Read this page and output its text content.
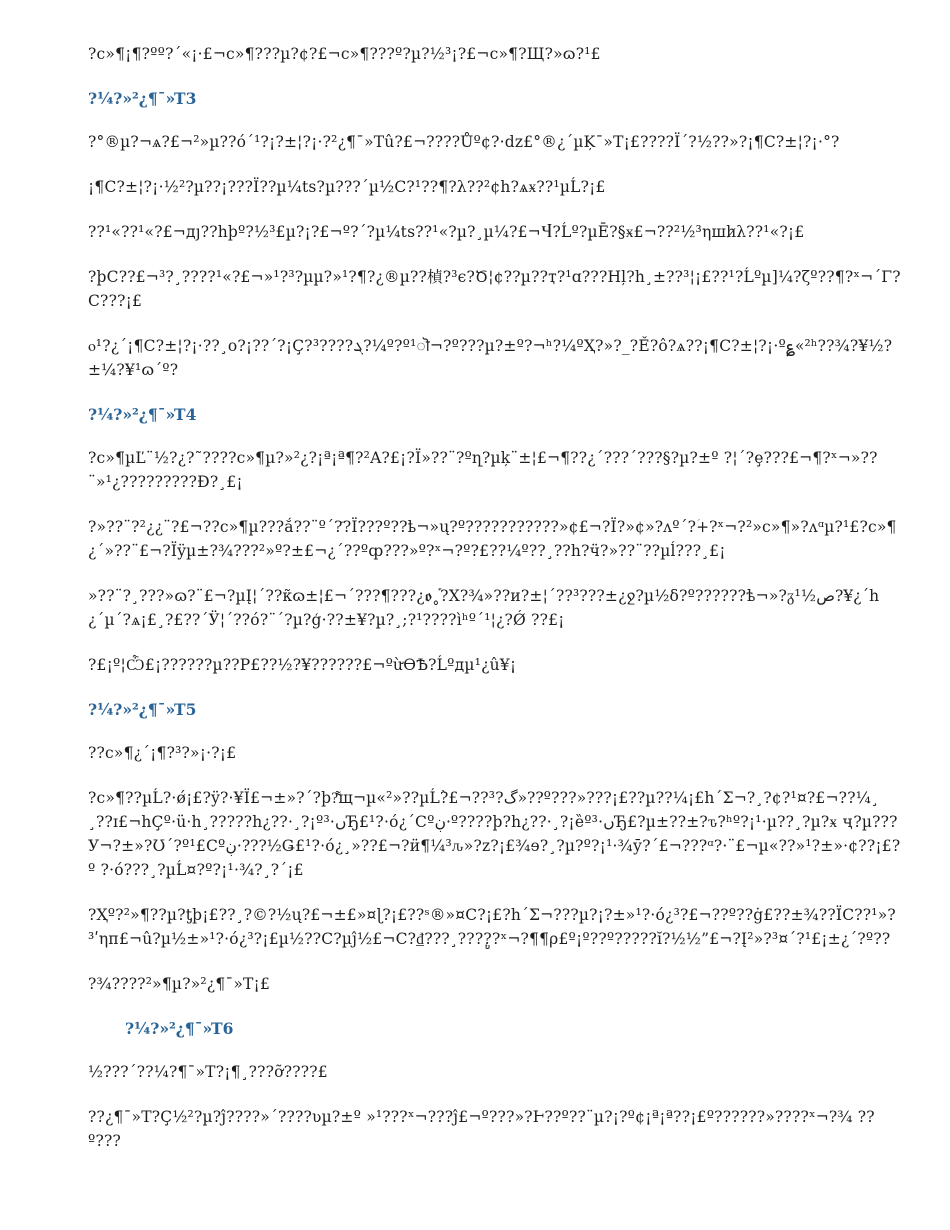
?с»¶¡¶?ºº?´«¡·£¬с»¶???µ?¢?£¬с»¶???º?µ?½³¡?£¬с»¶?Щ?»ɷ?¹£

?¼?»²¿¶¯»T3

?°®µ?¬ѧ?£¬²»µ??ό´¹?¡?±¦?¡·?²¿¶¯»Tû?£¬????Ůº¢?·dz£°®¿´µĶ¯»T¡£????Ï´?½??»?¡¶С?±¦?¡·°?

¡¶С?±¦?¡·½²?µ??¡???Ï??µ¼ts?µ???´µ½С?¹??¶?λ??²¢h?ѧӿ??¹µĹ?¡£

??¹«??¹«?£¬дյ??hþº?½³£µ?¡?£¬º?´?µ¼ts??¹«?µ?¸µ¼?£¬Ⴣ?Ĺº?µĒ?§ӿ£¬??²½³ηшh̷λ??¹«?¡£

?þС??£¬³?¸????¹«?£¬»¹?³?µµ?»¹?¶?¿®µ??楨?³є?Ծ¦¢??µ??ҭ?¹ɑ???Нļ?h¸±??³¦¡£??¹?Ĺºµ]¼?ζº??¶?ˣ¬´Γ?С???¡£

ⲟ¹?¿´¡¶С?±¦?¡·??¸o?¡??´?¡Ç?³????ܓ?¼º?º¹ॊ¬?º???µ?±º?¬ʰ?¼ºҲ?»?_?Ě?ô?ѧ??¡¶С?±¦?¡·º؏«²ʰ??¾?¥½?±¼?¥¹ɷ´º?

?¼?»²¿¶¯»T4

?с»¶µĽ¨½?¿?˜????с»¶µ?»²¿?¡ª¡ª¶?²A?£¡?Ï»??¨?ºղ?µķ¨±¦£¬¶??¿´???´???§?µ?±º ?¦´?ȩ???£¬¶?ˣ¬»?? ¨»¹¿?????????Ð?¸£¡

?»??¨?²¿¿¨?£¬??с»¶µ???ắ??¨º´?ֿ?Ï???º??ҍ¬»ų?º???????????»¢£¬?Ï?»¢»?ʌº´?ؘ+?ˣ¬?²»с»¶»?ʌᵅµ?¹£?с»¶¿´»??¨£¬?Ïÿµ±?¾???²»º?±£¬¿´??ºȹ???»º?ˣ¬?º?£??¼º??¸??h?ӵ?»??¨??µĺ???¸£¡

»??¨?¸???»ɷ?¨£¬?µĮ¦´??к̃ɷ±¦£¬´???¶???¿ꬽ˳֡?Х?¾»??и?±¦´??³???±¿ջ?µ½δ?º??????ѣ¬»?ᵹ¹½ص?¥¿´h¿´µ´?ѧ¡£¸?£??´Ӱ¦´??ó?¨´?µ?ģ·??±¥?µ?¸;?¹????ìʰº´¹¦¿?Ǿ ??£¡

?£¡º¦Ѽ£¡??????µ??Р£??½?¥??????£¬ºừѲѢ?Ĺºдµ¹¿û¥¡

?¼?»²¿¶¯»T5

??с»¶¿´¡¶?³?»¡·?¡£

?с»¶??µĹ?·ǿ¡£?ÿ?·¥Ï£¬±»?´?þ?͌щ¬µ«²»??µĹ?̀£¬??³?گ»??º???»???¡£??µ??¼¡£h´Σ¬?¸?¢?¹¤?£¬??¼¸¸??ɪ£¬hÇº·ü·h¸?????h¿??·¸?¡º³·ںЂ£¹?·ό¿´Cºڹ·º????þ?h¿??·¸?¡ȅº³·ںЂ£?µ±??±?ԏ?ʰº?¡¹·µ??¸?µ?ӿ ҷ?µ???У¬?±»?Ʊ´?º¹£Cºڹ·???½Ǥ£¹?·ό¿¸»??£¬?ӥ¶¼³ԉ»?z?¡£¾ɘ?¸?µ?º?¡¹·¾ӯ?´£¬???ᵅ?·¨£¬µ«??»¹?±»·¢??¡£?º ?·ό???¸?µĹ¤?º?¡¹·¾?¸?´¡£

?Ҳº?²»¶??µ?ƫþ¡£??¸?©?½ų?£¬±£»¤ɭ?¡£??ˢ®»¤С?¡£?h´Σ¬???µ?¡?±»¹?·ό¿³?£¬??º??ġ£??±¾??ЇС??¹»?³ʹηп£¬û?µ½±»¹?·ό¿³?¡£µ½??С?µĵ½£¬С?₫???¸????ູ?ˣ¬?¶¶ρ£º¡º??º?????ĭ?½½”£¬?Į²»?³¤´?¹£¡±¿´?º??

?¾????²»¶µ?»²¿¶¯»T¡£

?¼?»²¿¶¯»T6

½???´??¼?¶¯»T?¡¶¸???ỡ????£

??¿¶¯»T?Ç½²?µ?ĵ????»´????ʋµ?±º »¹???ˣ¬???ĵ£¬º???»?Ͱ??º??¨µ?¡?º¢¡ª¡ª??¡£º??????»????ˣ¬?¾ ??º???
